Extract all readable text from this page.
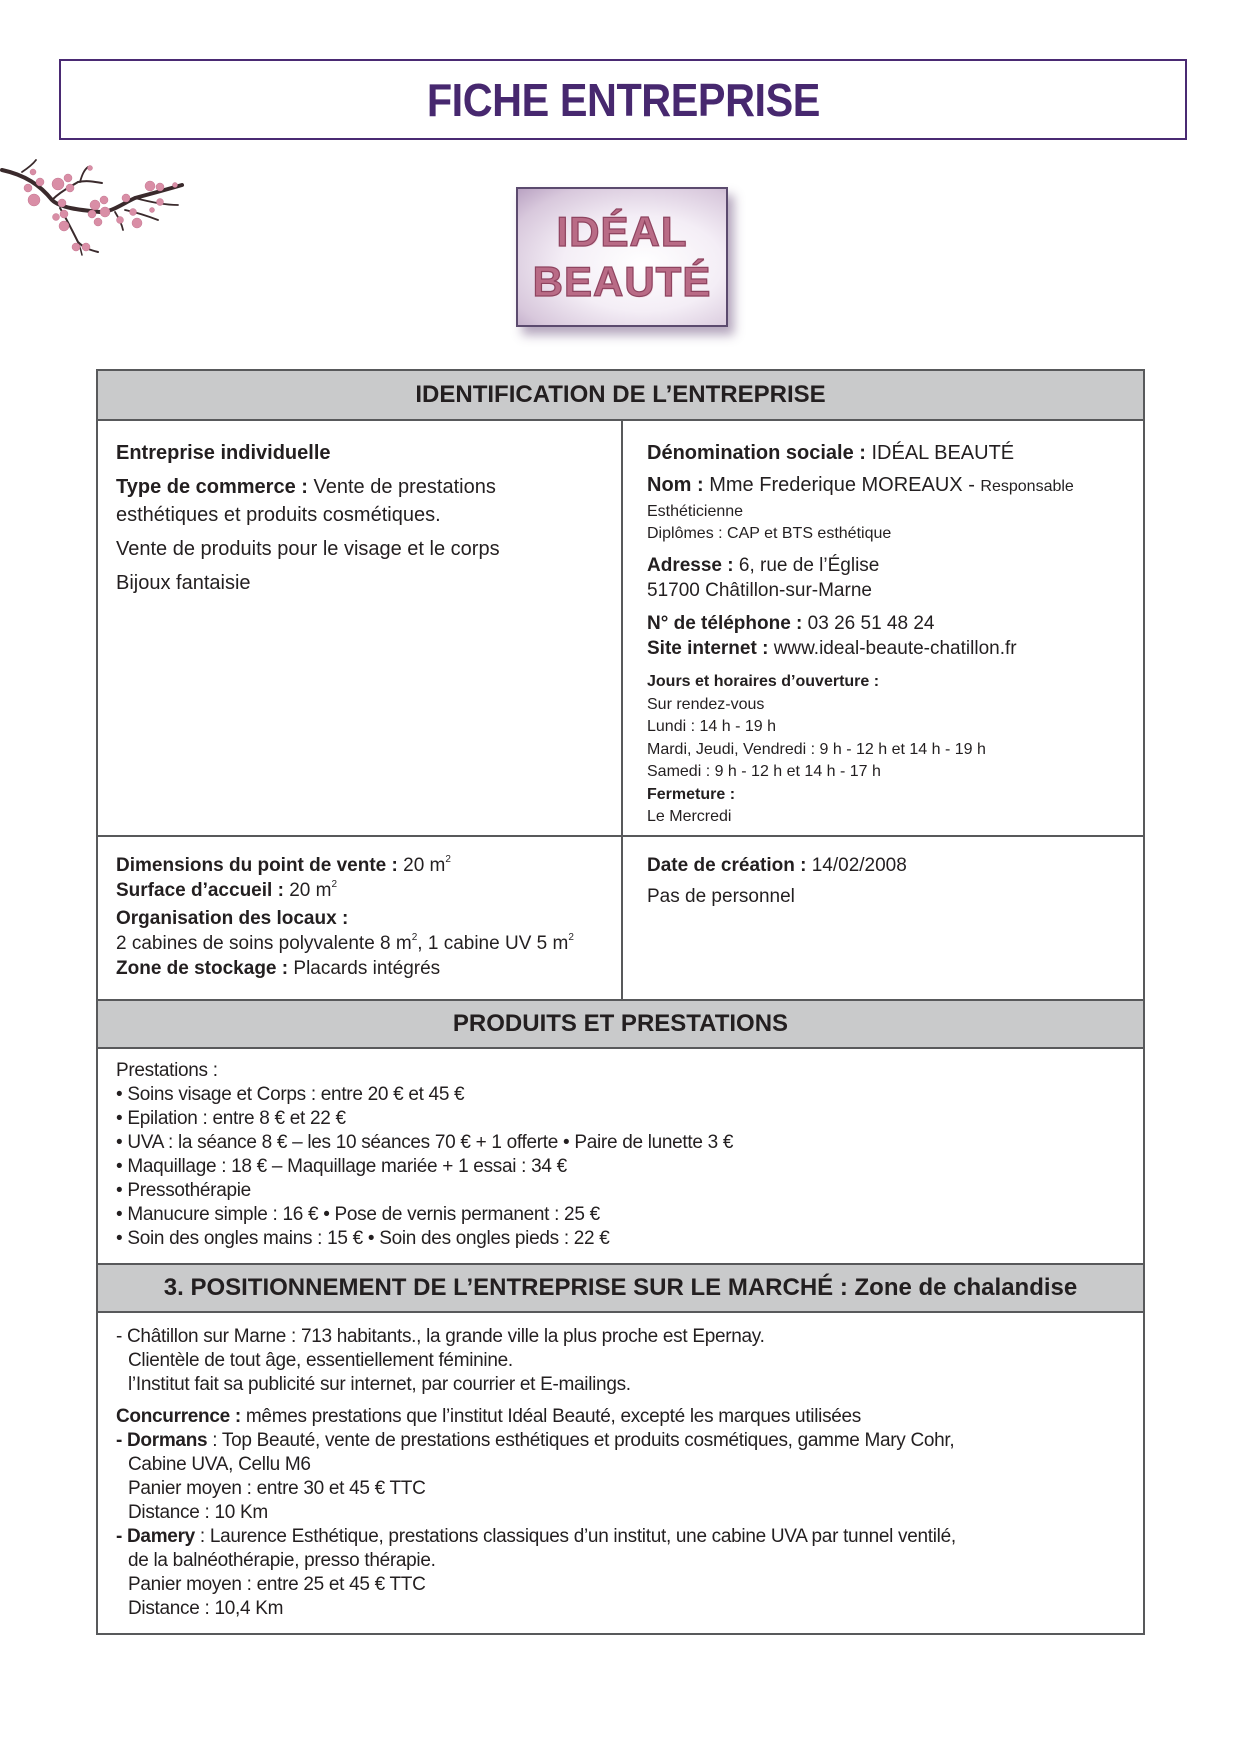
FICHE ENTREPRISE
IDÉAL
BEAUTÉ
IDENTIFICATION DE L’ENTREPRISE
Entreprise individuelle
Type de commerce : Vente de prestations esthétiques et produits cosmétiques.
Vente de produits pour le visage et le corps
Bijoux fantaisie
Dénomination sociale : IDÉAL BEAUTÉ
Nom : Mme Frederique MOREAUX - Responsable Esthéticienne
Diplômes : CAP et BTS esthétique
Adresse : 6, rue de l’Église
51700 Châtillon-sur-Marne
N° de téléphone : 03 26 51 48 24
Site internet : www.ideal-beaute-chatillon.fr
Jours et horaires d’ouverture :
Sur rendez-vous
Lundi : 14 h - 19 h
Mardi, Jeudi, Vendredi : 9 h - 12 h et 14 h - 19 h
Samedi : 9 h - 12 h et 14 h - 17 h
Fermeture :
Le Mercredi
Dimensions du point de vente : 20 $m^2$
Surface d’accueil : 20 $m^2$
Organisation des locaux :
2 cabines de soins polyvalente 8 $m^2$, 1 cabine UV 5 $m^2$
Zone de stockage : Placards intégrés
Date de création : 14/02/2008
Pas de personnel
PRODUITS ET PRESTATIONS
Prestations :
• Soins visage et Corps : entre 20 € et 45 €
• Epilation : entre 8 € et 22 €
• UVA : la séance 8 € – les 10 séances 70 € + 1 offerte • Paire de lunette 3 €
• Maquillage : 18 € – Maquillage mariée + 1 essai : 34 €
• Pressothérapie
• Manucure simple : 16 € • Pose de vernis permanent : 25 €
• Soin des ongles mains : 15 € • Soin des ongles pieds : 22 €
3. POSITIONNEMENT DE L’ENTREPRISE SUR LE MARCHÉ : Zone de chalandise
- Châtillon sur Marne : 713 habitants., la grande ville la plus proche est Epernay.
Clientèle de tout âge, essentiellement féminine.
l’Institut fait sa publicité sur internet, par courrier et E-mailings.
Concurrence : mêmes prestations que l’institut Idéal Beauté, excepté les marques utilisées
- Dormans : Top Beauté, vente de prestations esthétiques et produits cosmétiques, gamme Mary Cohr,
Cabine UVA, Cellu M6
Panier moyen : entre 30 et 45 € TTC
Distance : 10 Km
- Damery : Laurence Esthétique, prestations classiques d’un institut, une cabine UVA par tunnel ventilé,
de la balnéothérapie, presso thérapie.
Panier moyen : entre 25 et 45 € TTC
Distance : 10,4 Km
